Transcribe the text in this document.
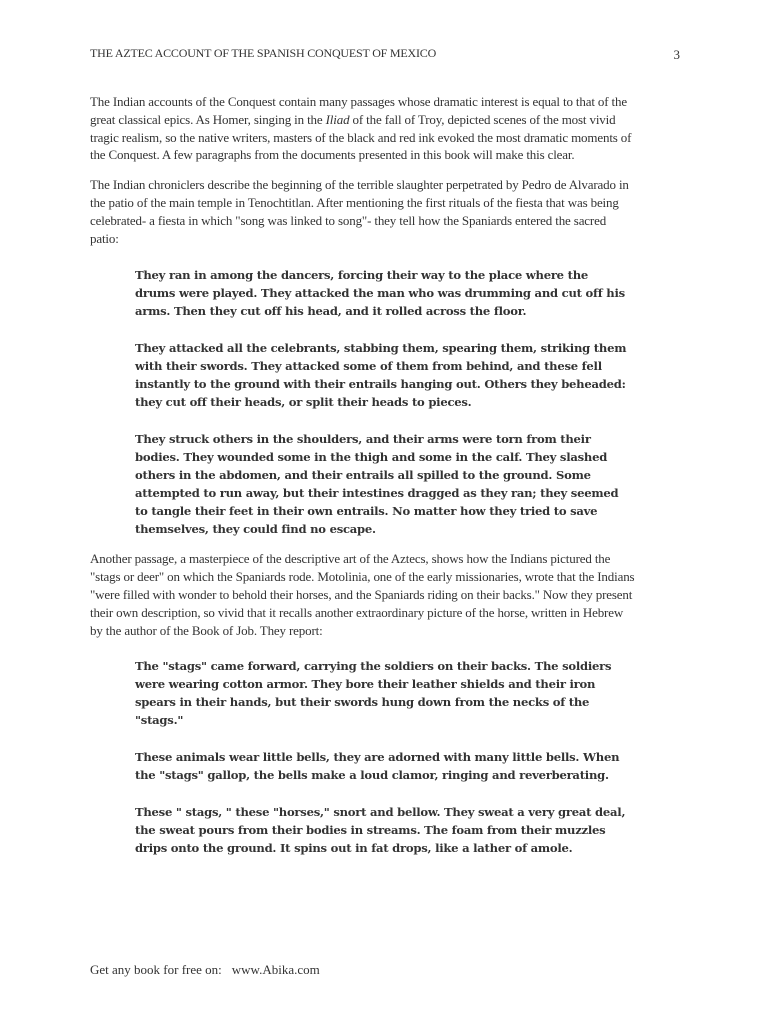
THE AZTEC ACCOUNT OF THE SPANISH CONQUEST OF MEXICO	3

The Indian accounts of the Conquest contain many passages whose dramatic interest is equal to that of the great classical epics. As Homer, singing in the Iliad of the fall of Troy, depicted scenes of the most vivid tragic realism, so the native writers, masters of the black and red ink evoked the most dramatic moments of the Conquest. A few paragraphs from the documents presented in this book will make this clear.

The Indian chroniclers describe the beginning of the terrible slaughter perpetrated by Pedro de Alvarado in the patio of the main temple in Tenochtitlan. After mentioning the first rituals of the fiesta that was being celebrated- a fiesta in which "song was linked to song"- they tell how the Spaniards entered the sacred patio:

They ran in among the dancers, forcing their way to the place where the drums were played. They attacked the man who was drumming and cut off his arms. Then they cut off his head, and it rolled across the floor.

They attacked all the celebrants, stabbing them, spearing them, striking them with their swords. They attacked some of them from behind, and these fell instantly to the ground with their entrails hanging out. Others they beheaded: they cut off their heads, or split their heads to pieces.

They struck others in the shoulders, and their arms were torn from their bodies. They wounded some in the thigh and some in the calf. They slashed others in the abdomen, and their entrails all spilled to the ground. Some attempted to run away, but their intestines dragged as they ran; they seemed to tangle their feet in their own entrails. No matter how they tried to save themselves, they could find no escape.

Another passage, a masterpiece of the descriptive art of the Aztecs, shows how the Indians pictured the "stags or deer" on which the Spaniards rode. Motolinia, one of the early missionaries, wrote that the Indians "were filled with wonder to behold their horses, and the Spaniards riding on their backs." Now they present their own description, so vivid that it recalls another extraordinary picture of the horse, written in Hebrew by the author of the Book of Job. They report:

The "stags" came forward, carrying the soldiers on their backs. The soldiers were wearing cotton armor. They bore their leather shields and their iron spears in their hands, but their swords hung down from the necks of the "stags."

These animals wear little bells, they are adorned with many little bells. When the "stags" gallop, the bells make a loud clamor, ringing and reverberating.

These " stags, " these "horses," snort and bellow. They sweat a very great deal, the sweat pours from their bodies in streams. The foam from their muzzles drips onto the ground. It spins out in fat drops, like a lather of amole.

Get any book for free on: www.Abika.com
